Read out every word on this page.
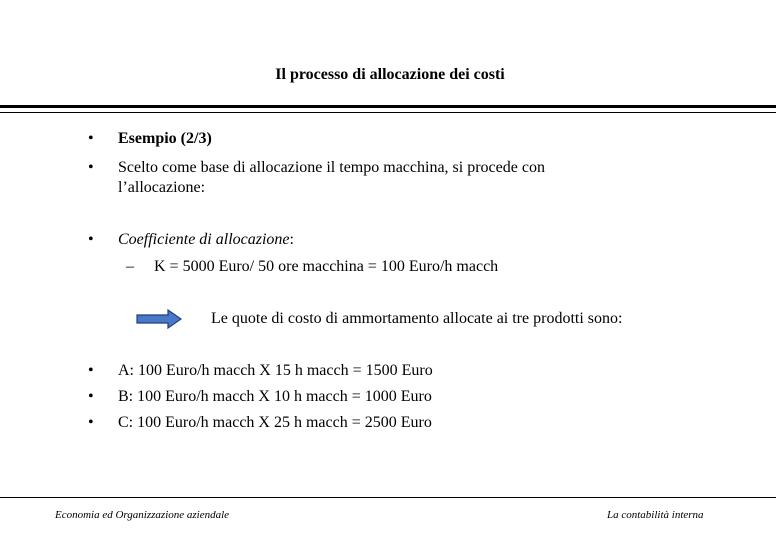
Il processo di allocazione dei costi
• Esempio (2/3)
• Scelto come base di allocazione il tempo macchina, si procede con
l’allocazione:
• Coefficiente di allocazione:
– K = 5000 Euro/ 50 ore macchina = 100 Euro/h macch
Le quote di costo di ammortamento allocate ai tre prodotti sono:
• A: 100 Euro/h macch X 15 h macch = 1500 Euro
• B: 100 Euro/h macch X 10 h macch = 1000 Euro
• C: 100 Euro/h macch X 25 h macch = 2500 Euro
Economia ed Organizzazione aziendale	La contabilità interna
